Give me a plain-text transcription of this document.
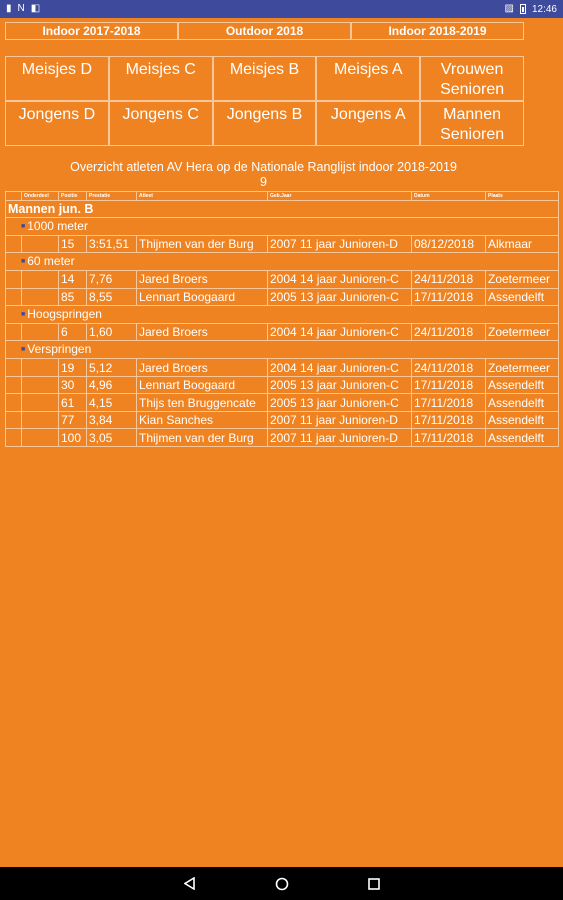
▮ N ◧	▨ 12:46
Indoor 2017-2018	Outdoor 2018	Indoor 2018-2019
Meisjes D	Meisjes C	Meisjes B	Meisjes A	Vrouwen Senioren
Jongens D	Jongens C	Jongens B	Jongens A	Mannen Senioren
Overzicht atleten AV Hera op de Nationale Ranglijst indoor 2018-2019
9
	Onderdeel	Positie	Prestatie	Atleet	Geb.Jaar	Datum	Plaats
Mannen jun. B							
■ 1000 meter							
		15	3:51,51	Thijmen van der Burg	2007 11 jaar Junioren-D	08/12/2018	Alkmaar
■ 60 meter							
		14	7,76	Jared Broers	2004 14 jaar Junioren-C	24/11/2018	Zoetermeer
		85	8,55	Lennart Boogaard	2005 13 jaar Junioren-C	17/11/2018	Assendelft
■ Hoogspringen							
		6	1,60	Jared Broers	2004 14 jaar Junioren-C	24/11/2018	Zoetermeer
■ Verspringen							
		19	5,12	Jared Broers	2004 14 jaar Junioren-C	24/11/2018	Zoetermeer
		30	4,96	Lennart Boogaard	2005 13 jaar Junioren-C	17/11/2018	Assendelft
		61	4,15	Thijs ten Bruggencate	2005 13 jaar Junioren-C	17/11/2018	Assendelft
		77	3,84	Kian Sanches	2007 11 jaar Junioren-D	17/11/2018	Assendelft
		100	3,05	Thijmen van der Burg	2007 11 jaar Junioren-D	17/11/2018	Assendelft
